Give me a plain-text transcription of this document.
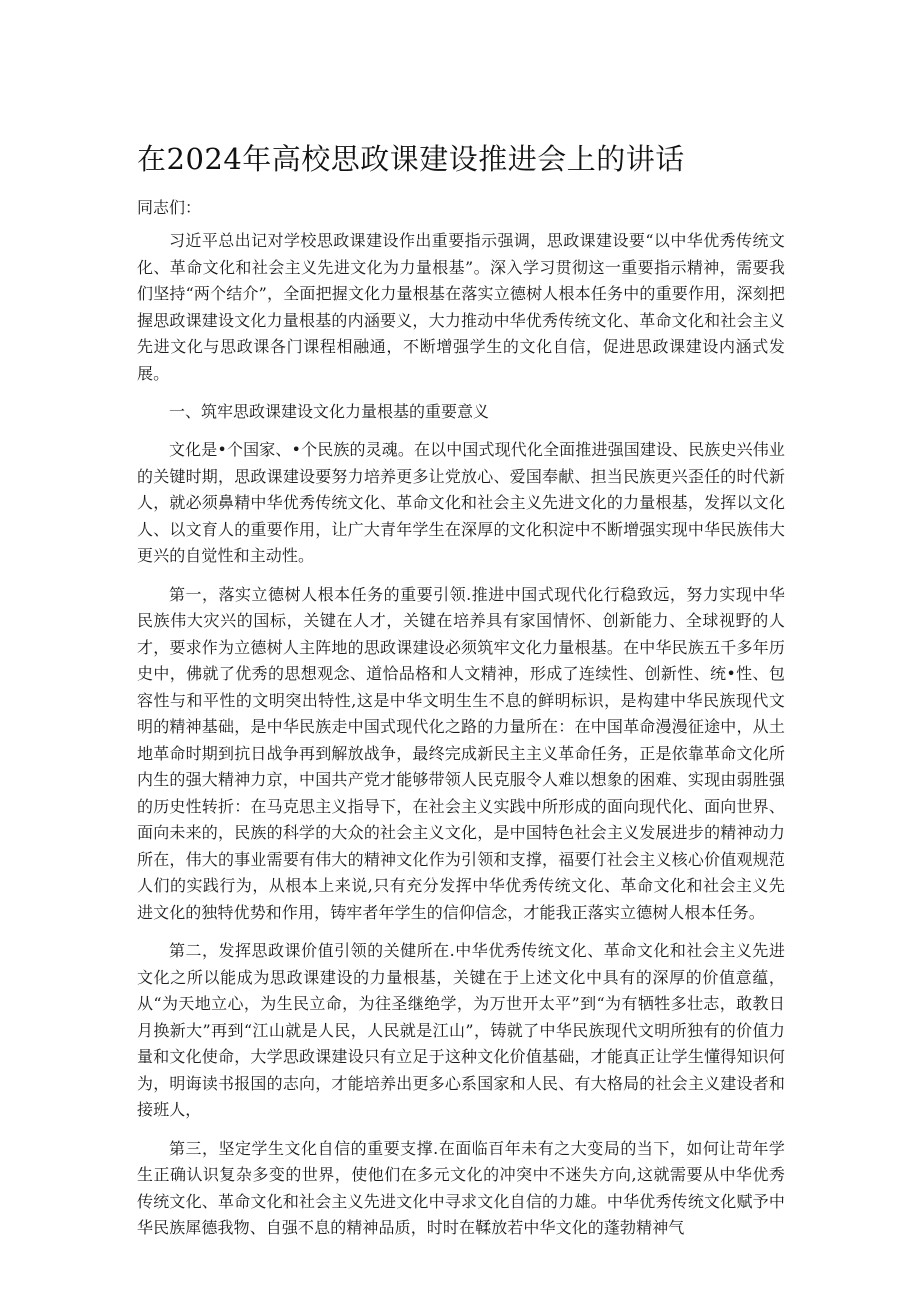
在2024年高校思政课建设推进会上的讲话

同志们：

习近平总出记对学校思政课建设作出重要指示强调，思政课建设要“以中华优秀传统文化、革命文化和社会主义先进文化为力量根基”。深入学习贯彻这一重要指示精神，需要我们坚持“两个结介”，全面把握文化力量根基在落实立德树人根本任务中的重要作用，深刻把握思政课建设文化力量根基的内涵要义，大力推动中华优秀传统文化、革命文化和社会主义先进文化与思政课各门课程相融通，不断增强学生的文化自信，促进思政课建设内涵式发展。

一、筑牢思政课建设文化力量根基的重要意义

文化是•个国家、•个民族的灵魂。在以中国式现代化全面推进强国建设、民族史兴伟业的关键时期，思政课建设要努力培养更多让党放心、爱国奉献、担当民族更兴歪任的时代新人，就必须鼻精中华优秀传统文化、革命文化和社会主义先进文化的力量根基，发挥以文化人、以文育人的重要作用，让广大青年学生在深厚的文化积淀中不断增强实现中华民族伟大更兴的自觉性和主动性。

第一，落实立德树人根本任务的重要引领.推进中国式现代化行稳致远，努力实现中华民族伟大灾兴的国标，关键在人才，关键在培养具有家国情怀、创新能力、全球视野的人才，要求作为立德树人主阵地的思政课建设必须筑牢文化力量根基。在中华民族五千多年历史中，佛就了优秀的思想观念、道恰品格和人文精神，形成了连续性、创新性、统•性、包容性与和平性的文明突出特性,这是中华文明生生不息的鲜明标识，是构建中华民族现代文明的精神基础，是中华民族走中国式现代化之路的力量所在：在中国革命漫漫征途中，从土地革命时期到抗日战争再到解放战争，最终完成新民主主义革命任务，正是依靠革命文化所内生的强大精神力京，中国共产党才能够带领人民克服令人难以想象的困难、实现由弱胜强的历史性转折：在马克思主义指导下，在社会主义实践中所形成的面向现代化、面向世界、面向未来的，民族的科学的大众的社会主义文化，是中国特色社会主义发展进步的精神动力所在，伟大的事业需要有伟大的精神文化作为引领和支撑，福要仃社会主义核心价值观规范人们的实践行为，从根本上来说,只有充分发挥中华优秀传统文化、革命文化和社会主义先进文化的独特优势和作用，铸牢者年学生的信仰信念，才能我正落实立德树人根本任务。

第二，发挥思政课价值引领的关健所在.中华优秀传统文化、革命文化和社会主义先进文化之所以能成为思政课建设的力量根基，关键在于上述文化中具有的深厚的价值意蕴，从“为天地立心，为生民立命，为往圣继绝学，为万世开太平”到“为有牺牲多壮志，敢教日月换新大”再到“江山就是人民，人民就是江山”，铸就了中华民族现代文明所独有的价值力量和文化使命，大学思政课建设只有立足于这种文化价值基础，才能真正让学生懂得知识何为，明诲读书报国的志向，才能培养出更多心系国家和人民、有大格局的社会主义建设者和接班人，

第三，坚定学生文化自信的重要支撑.在面临百年未有之大变局的当下，如何让苛年学生正确认识复杂多变的世界，使他们在多元文化的冲突中不迷失方向,这就需要从中华优秀传统文化、革命文化和社会主义先进文化中寻求文化自信的力雄。中华优秀传统文化赋予中华民族犀德我物、自强不息的精神品质，时时在鞣放若中华文化的蓬勃精神气
